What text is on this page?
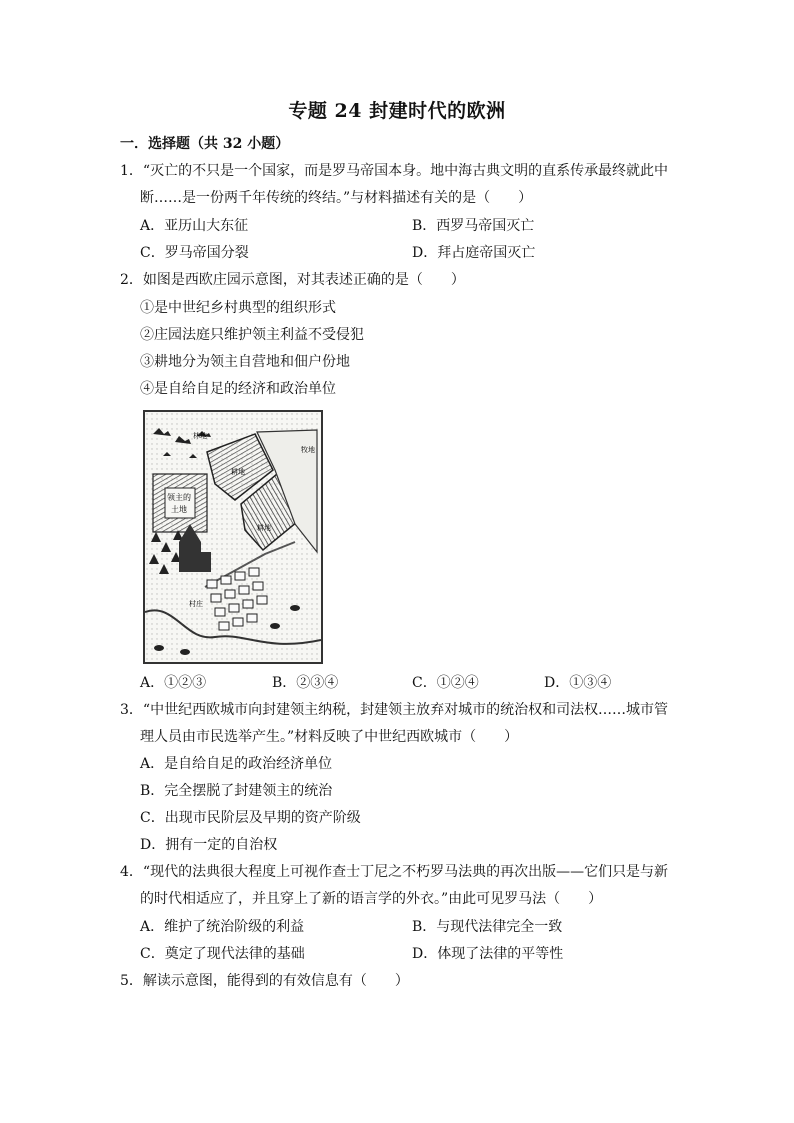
专题 24 封建时代的欧洲
一．选择题（共 32 小题）
1．“灭亡的不只是一个国家，而是罗马帝国本身。地中海古典文明的直系传承最终就此中
断……是一份两千年传统的终结。”与材料描述有关的是（　　）
A．亚历山大东征	B．西罗马帝国灭亡
C．罗马帝国分裂	D．拜占庭帝国灭亡
2．如图是西欧庄园示意图，对其表述正确的是（　　）
①是中世纪乡村典型的组织形式
②庄园法庭只维护领主利益不受侵犯
③耕地分为领主自营地和佃户份地
④是自给自足的经济和政治单位
林地
耕地
牧地
领主的
土地
耕地
村庄
A．①②③	B．②③④	C．①②④	D．①③④
3．“中世纪西欧城市向封建领主纳税，封建领主放弃对城市的统治权和司法权……城市管
理人员由市民选举产生。”材料反映了中世纪西欧城市（　　）
A．是自给自足的政治经济单位
B．完全摆脱了封建领主的统治
C．出现市民阶层及早期的资产阶级
D．拥有一定的自治权
4．“现代的法典很大程度上可视作查士丁尼之不朽罗马法典的再次出版——它们只是与新
的时代相适应了，并且穿上了新的语言学的外衣。”由此可见罗马法（　　）
A．维护了统治阶级的利益	B．与现代法律完全一致
C．奠定了现代法律的基础	D．体现了法律的平等性
5．解读示意图，能得到的有效信息有（　　）
